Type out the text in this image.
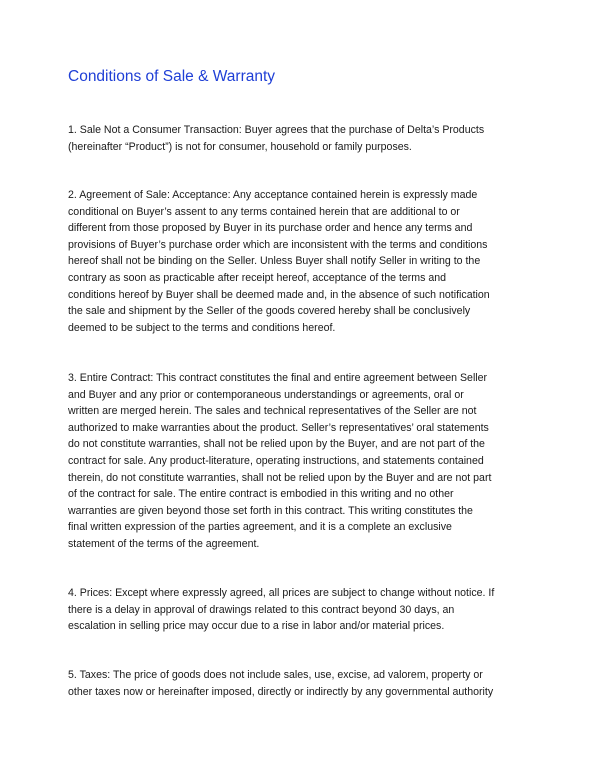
Conditions of Sale & Warranty
1. Sale Not a Consumer Transaction: Buyer agrees that the purchase of Delta’s Products
(hereinafter “Product”) is not for consumer, household or family purposes.
2. Agreement of Sale: Acceptance: Any acceptance contained herein is expressly made
conditional on Buyer’s assent to any terms contained herein that are additional to or
different from those proposed by Buyer in its purchase order and hence any terms and
provisions of Buyer’s purchase order which are inconsistent with the terms and conditions
hereof shall not be binding on the Seller. Unless Buyer shall notify Seller in writing to the
contrary as soon as practicable after receipt hereof, acceptance of the terms and
conditions hereof by Buyer shall be deemed made and, in the absence of such notification
the sale and shipment by the Seller of the goods covered hereby shall be conclusively
deemed to be subject to the terms and conditions hereof.
3. Entire Contract: This contract constitutes the final and entire agreement between Seller
and Buyer and any prior or contemporaneous understandings or agreements, oral or
written are merged herein. The sales and technical representatives of the Seller are not
authorized to make warranties about the product. Seller’s representatives’ oral statements
do not constitute warranties, shall not be relied upon by the Buyer, and are not part of the
contract for sale. Any product-literature, operating instructions, and statements contained
therein, do not constitute warranties, shall not be relied upon by the Buyer and are not part
of the contract for sale. The entire contract is embodied in this writing and no other
warranties are given beyond those set forth in this contract. This writing constitutes the
final written expression of the parties agreement, and it is a complete an exclusive
statement of the terms of the agreement.
4. Prices: Except where expressly agreed, all prices are subject to change without notice. If
there is a delay in approval of drawings related to this contract beyond 30 days, an
escalation in selling price may occur due to a rise in labor and/or material prices.
5. Taxes: The price of goods does not include sales, use, excise, ad valorem, property or
other taxes now or hereinafter imposed, directly or indirectly by any governmental authority
